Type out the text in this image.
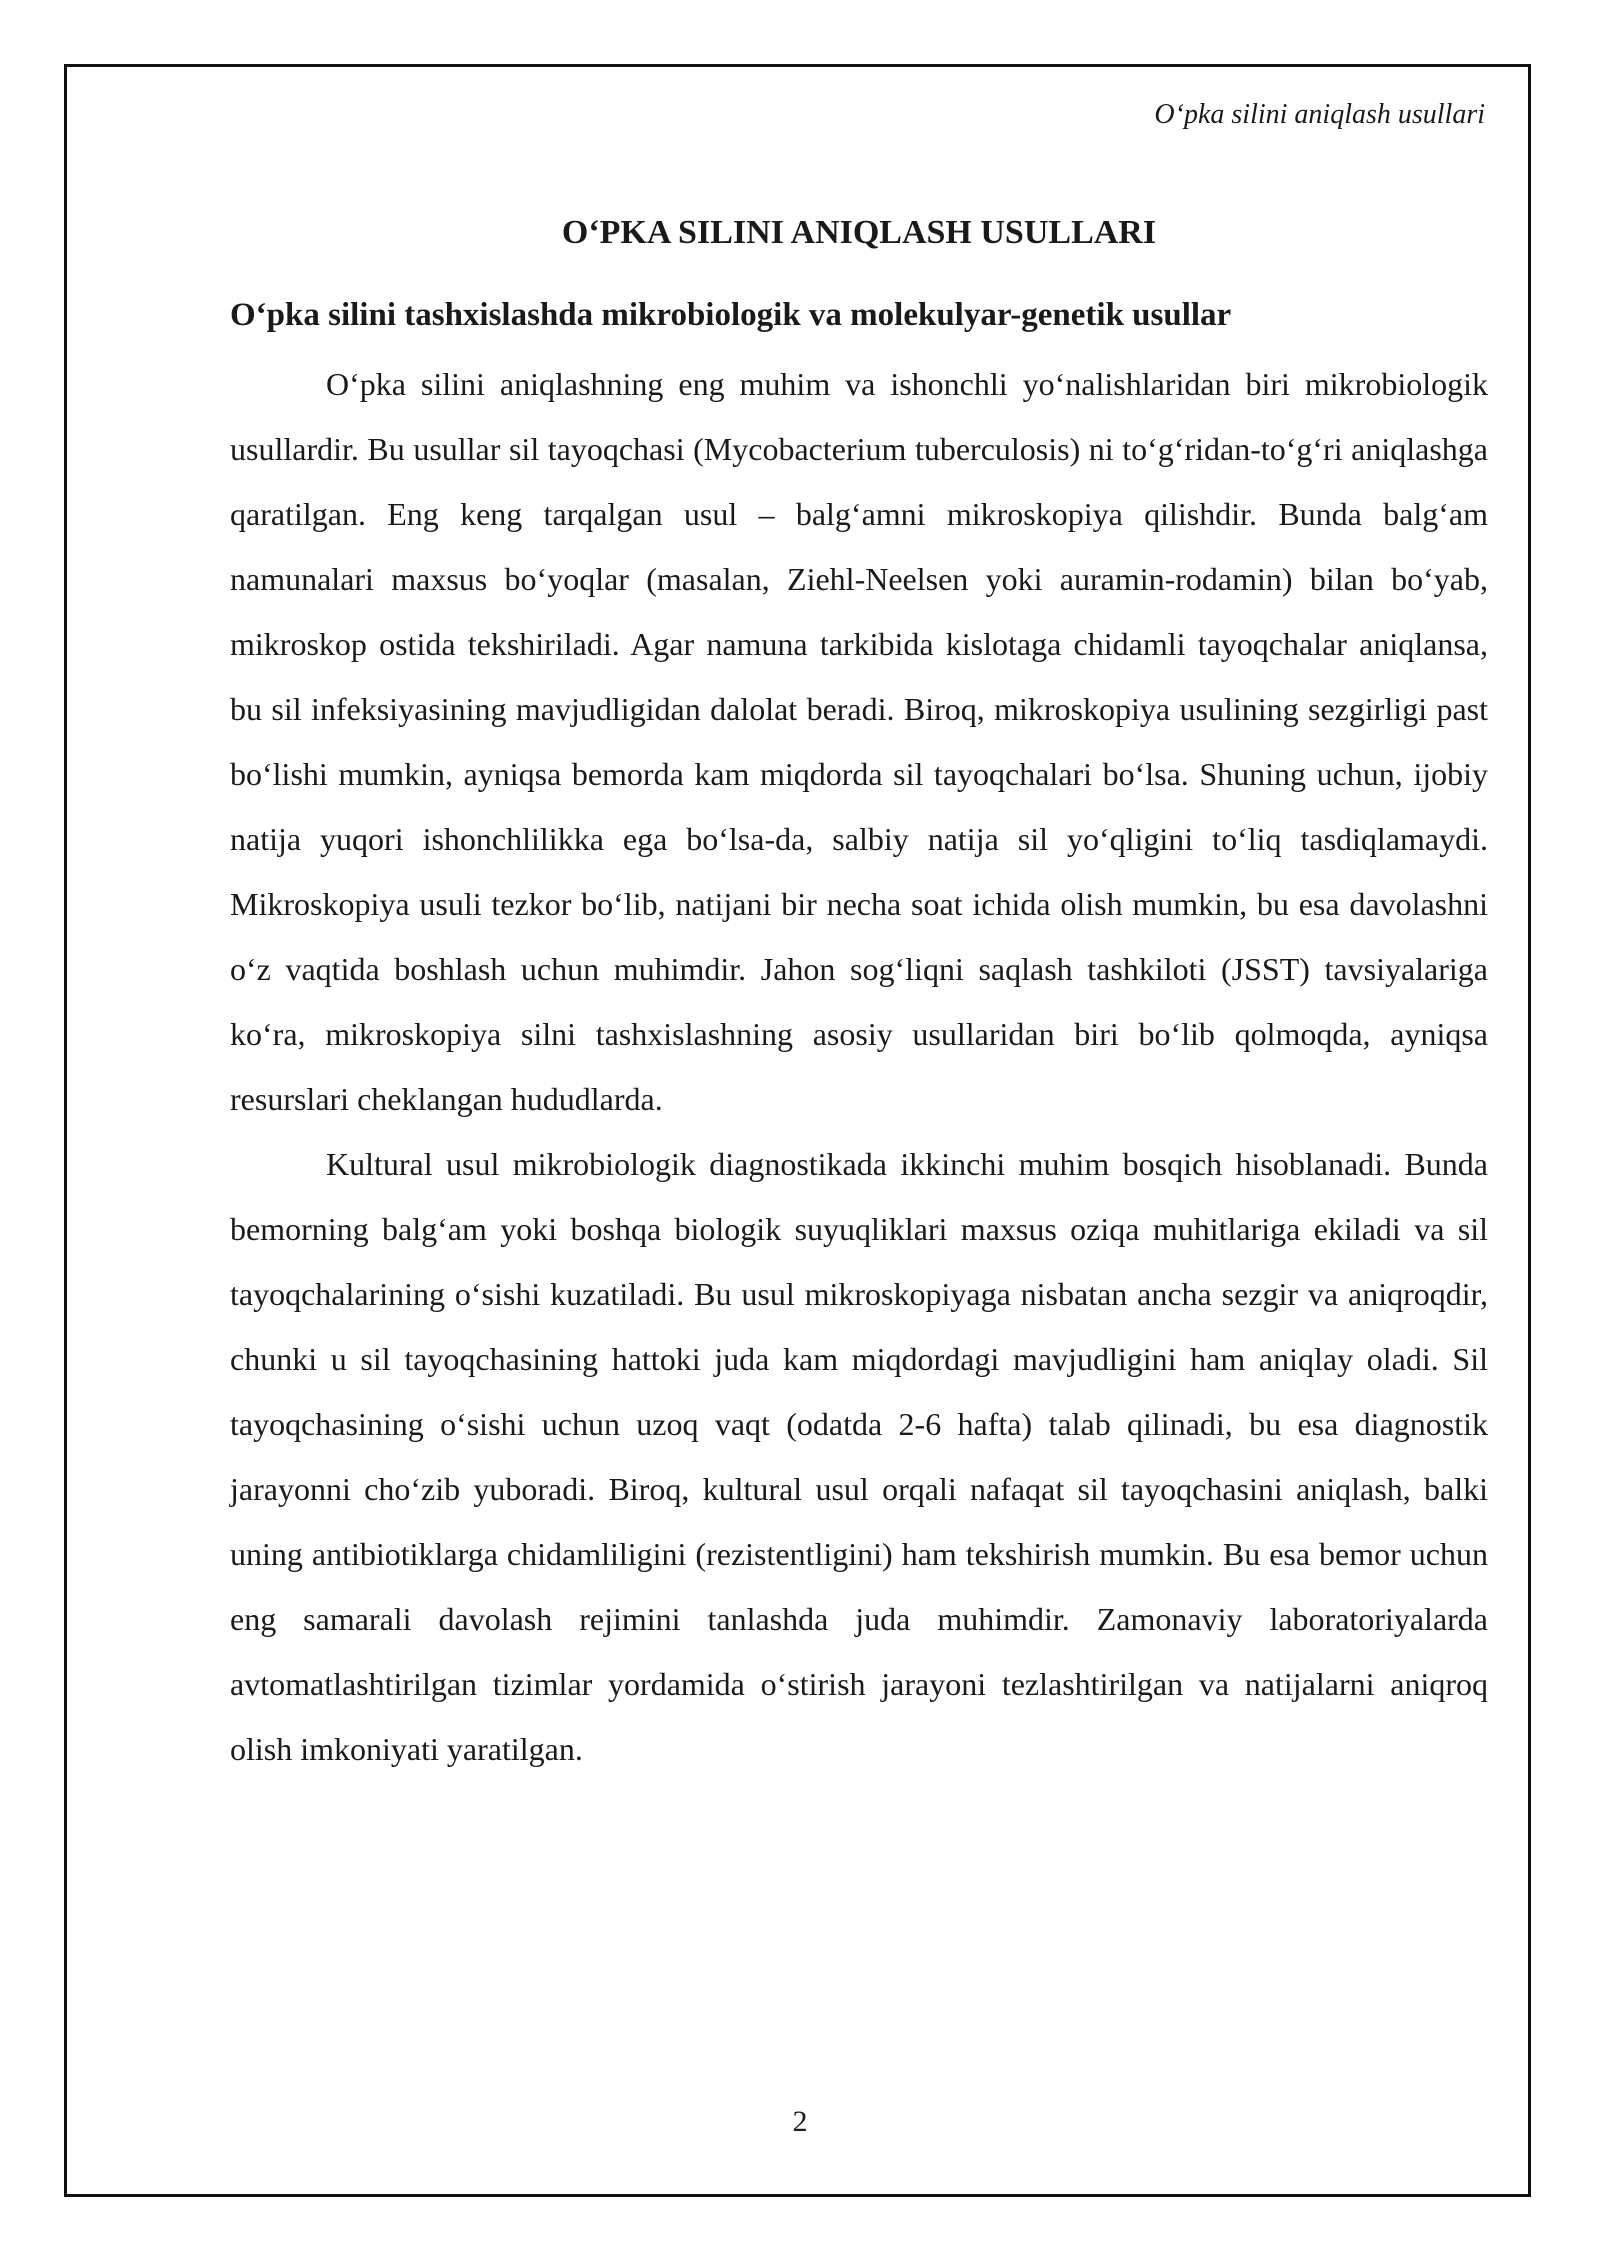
O‘pka silini aniqlash usullari

O‘PKA SILINI ANIQLASH USULLARI
O‘pka silini tashxislashda mikrobiologik va molekulyar-genetik usullar

O‘pka silini aniqlashning eng muhim va ishonchli yo‘nalishlaridan biri mikrobiologik usullardir. Bu usullar sil tayoqchasi (Mycobacterium tuberculosis) ni to‘g‘ridan-to‘g‘ri aniqlashga qaratilgan. Eng keng tarqalgan usul – balg‘amni mikroskopiya qilishdir. Bunda balg‘am namunalari maxsus bo‘yoqlar (masalan, Ziehl-Neelsen yoki auramin-rodamin) bilan bo‘yab, mikroskop ostida tekshiriladi. Agar namuna tarkibida kislotaga chidamli tayoqchalar aniqlansa, bu sil infeksiyasining mavjudligidan dalolat beradi. Biroq, mikroskopiya usulining sezgirligi past bo‘lishi mumkin, ayniqsa bemorda kam miqdorda sil tayoqchalari bo‘lsa. Shuning uchun, ijobiy natija yuqori ishonchlilikka ega bo‘lsa-da, salbiy natija sil yo‘qligini to‘liq tasdiqlamaydi. Mikroskopiya usuli tezkor bo‘lib, natijani bir necha soat ichida olish mumkin, bu esa davolashni o‘z vaqtida boshlash uchun muhimdir. Jahon sog‘liqni saqlash tashkiloti (JSST) tavsiyalariga ko‘ra, mikroskopiya silni tashxislashning asosiy usullaridan biri bo‘lib qolmoqda, ayniqsa resurslari cheklangan hududlarda.

Kultural usul mikrobiologik diagnostikada ikkinchi muhim bosqich hisoblanadi. Bunda bemorning balg‘am yoki boshqa biologik suyuqliklari maxsus oziqa muhitlariga ekiladi va sil tayoqchalarining o‘sishi kuzatiladi. Bu usul mikroskopiyaga nisbatan ancha sezgir va aniqroqdir, chunki u sil tayoqchasining hattoki juda kam miqdordagi mavjudligini ham aniqlay oladi. Sil tayoqchasining o‘sishi uchun uzoq vaqt (odatda 2-6 hafta) talab qilinadi, bu esa diagnostik jarayonni cho‘zib yuboradi. Biroq, kultural usul orqali nafaqat sil tayoqchasini aniqlash, balki uning antibiotiklarga chidamliligini (rezistentligini) ham tekshirish mumkin. Bu esa bemor uchun eng samarali davolash rejimini tanlashda juda muhimdir. Zamonaviy laboratoriyalarda avtomatlashtirilgan tizimlar yordamida o‘stirish jarayoni tezlashtirilgan va natijalarni aniqroq olish imkoniyati yaratilgan.

2
